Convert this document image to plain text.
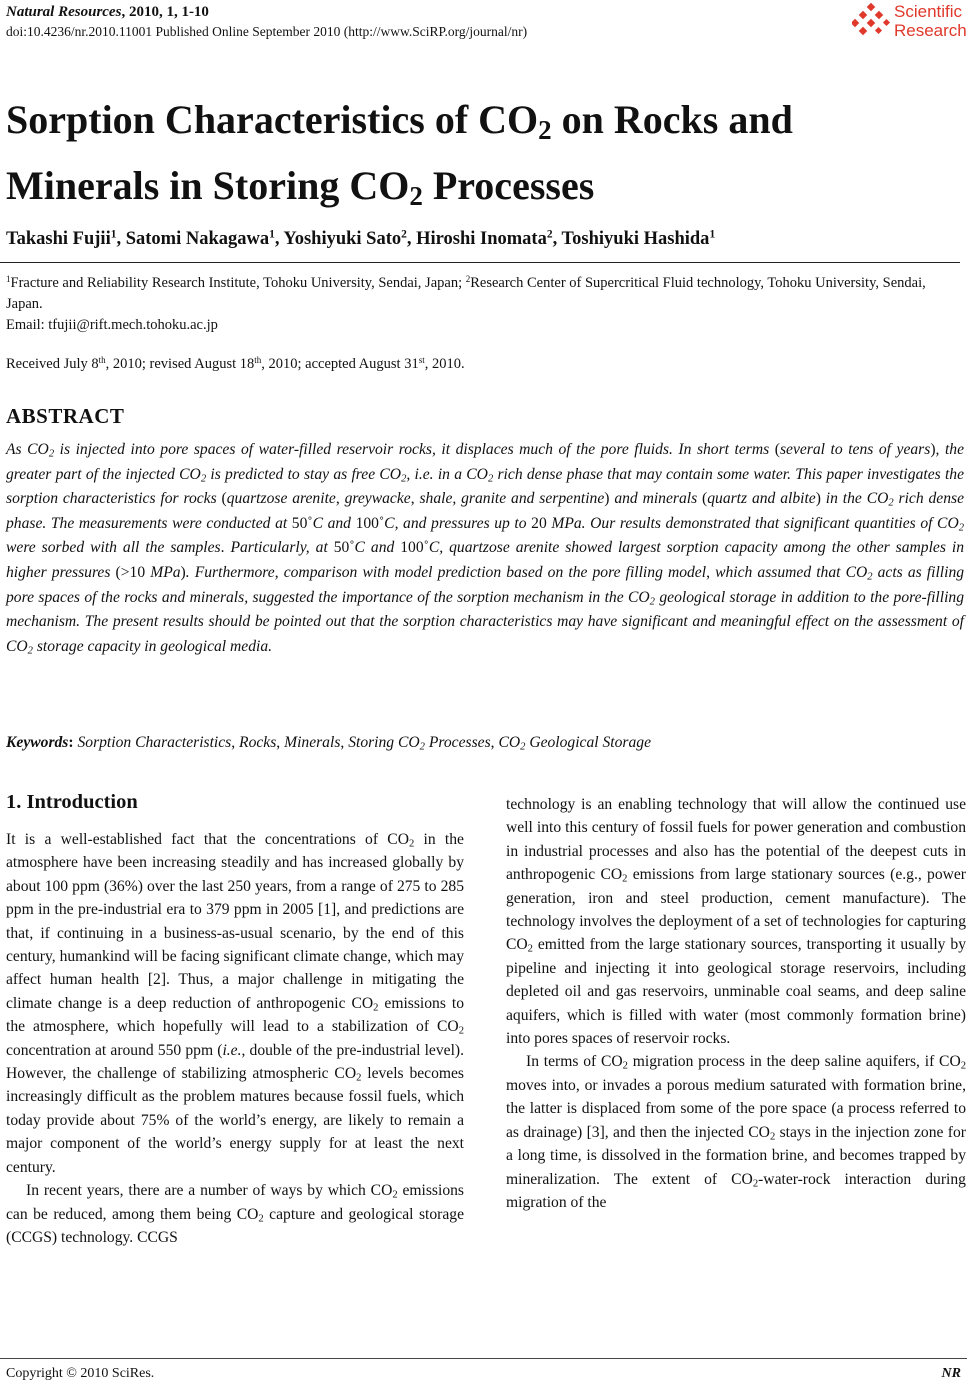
Natural Resources, 2010, 1, 1-10
doi:10.4236/nr.2010.11001 Published Online September 2010 (http://www.SciRP.org/journal/nr)
Scientific
Research
Sorption Characteristics of $CO_2$ on Rocks and Minerals in Storing $CO_2$ Processes
Takashi Fujii$^1$, Satomi Nakagawa$^1$, Yoshiyuki Sato$^2$, Hiroshi Inomata$^2$, Toshiyuki Hashida$^1$
$^1$Fracture and Reliability Research Institute, Tohoku University, Sendai, Japan; $^2$Research Center of Supercritical Fluid technology, Tohoku University, Sendai, Japan.
Email: tfujii@rift.mech.tohoku.ac.jp
Received July 8th, 2010; revised August 18th, 2010; accepted August 31st, 2010.
ABSTRACT
As $CO_2$ is injected into pore spaces of water-filled reservoir rocks, it displaces much of the pore fluids. In short terms (several to tens of years), the greater part of the injected $CO_2$ is predicted to stay as free $CO_2$, i.e. in a $CO_2$ rich dense phase that may contain some water. This paper investigates the sorption characteristics for rocks (quartzose arenite, greywacke, shale, granite and serpentine) and minerals (quartz and albite) in the $CO_2$ rich dense phase. The measurements were conducted at 50˚C and 100˚C, and pressures up to 20 MPa. Our results demonstrated that significant quantities of $CO_2$ were sorbed with all the samples. Particularly, at 50˚C and 100˚C, quartzose arenite showed largest sorption capacity among the other samples in higher pressures (>10 MPa). Furthermore, comparison with model prediction based on the pore filling model, which assumed that $CO_2$ acts as filling pore spaces of the rocks and minerals, suggested the importance of the sorption mechanism in the $CO_2$ geological storage in addition to the pore-filling mechanism. The present results should be pointed out that the sorption characteristics may have significant and meaningful effect on the assessment of $CO_2$ storage capacity in geological media.
Keywords: Sorption Characteristics, Rocks, Minerals, Storing $CO_2$ Processes, $CO_2$ Geological Storage
1. Introduction

It is a well-established fact that the concentrations of $CO_2$ in the atmosphere have been increasing steadily and has increased globally by about 100 ppm (36%) over the last 250 years, from a range of 275 to 285 ppm in the pre-industrial era to 379 ppm in 2005 [1], and predictions are that, if continuing in a business-as-usual scenario, by the end of this century, humankind will be facing significant climate change, which may affect human health [2]. Thus, a major challenge in mitigating the climate change is a deep reduction of anthropogenic $CO_2$ emissions to the atmosphere, which hopefully will lead to a stabilization of $CO_2$ concentration at around 550 ppm (i.e., double of the pre-industrial level). However, the challenge of stabilizing atmospheric $CO_2$ levels becomes increasingly difficult as the problem matures because fossil fuels, which today provide about 75% of the world’s energy, are likely to remain a major component of the world’s energy supply for at least the next century.

In recent years, there are a number of ways by which $CO_2$ emissions can be reduced, among them being $CO_2$ capture and geological storage (CCGS) technology. CCGS

technology is an enabling technology that will allow the continued use well into this century of fossil fuels for power generation and combustion in industrial processes and also has the potential of the deepest cuts in anthropogenic $CO_2$ emissions from large stationary sources (e.g., power generation, iron and steel production, cement manufacture). The technology involves the deployment of a set of technologies for capturing $CO_2$ emitted from the large stationary sources, transporting it usually by pipeline and injecting it into geological storage reservoirs, including depleted oil and gas reservoirs, unminable coal seams, and deep saline aquifers, which is filled with water (most commonly formation brine) into pores spaces of reservoir rocks.

In terms of $CO_2$ migration process in the deep saline aquifers, if $CO_2$ moves into, or invades a porous medium saturated with formation brine, the latter is displaced from some of the pore space (a process referred to as drainage) [3], and then the injected $CO_2$ stays in the injection zone for a long time, is dissolved in the formation brine, and becomes trapped by mineralization. The extent of $CO_2-water$-rock interaction during migration of the

Copyright © 2010 SciRes.	NR
